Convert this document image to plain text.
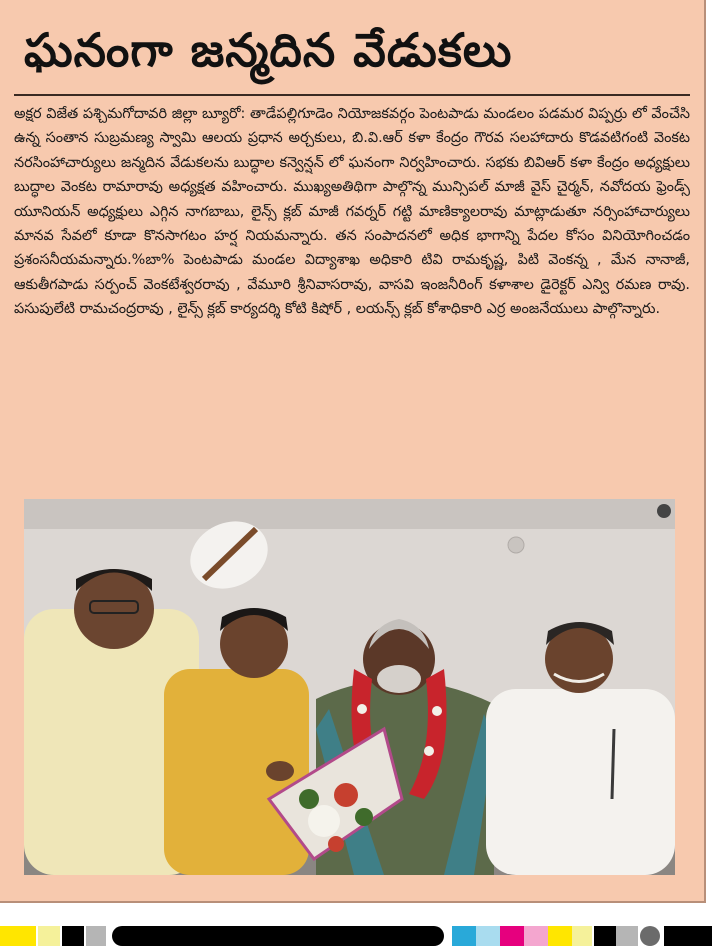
ఘనంగా జన్మదిన వేడుకలు
అక్షర విజేత పశ్చిమగోదావరి జిల్లా బ్యూరో: తాడేపల్లిగూడెం నియోజకవర్గం పెంటపాడు మండలం పడమర విప్పర్రు లో వేంచేసి ఉన్న సంతాన సుబ్రమణ్య స్వామి ఆలయ ప్రధాన అర్చకులు, బి.వి.ఆర్ కళా కేంద్రం గౌరవ సలహాదారు కొడవటిగంటి వెంకట నరసింహాచార్యులు జన్మదిన వేడుకలను బుద్ధాల కన్వెన్షన్ లో ఘనంగా నిర్వహించారు. సభకు బివిఆర్ కళా కేంద్రం అధ్యక్షులు బుద్ధాల వెంకట రామారావు అధ్యక్షత వహించారు. ముఖ్యఅతిథిగా పాల్గొన్న మున్సిపల్ మాజీ వైస్ చైర్మన్, నవోదయ ఫ్రెండ్స్ యూనియన్ అధ్యక్షులు ఎగ్గిన నాగబాబు, లైన్స్ క్లబ్ మాజీ గవర్నర్ గట్టి మాణిక్యాలరావు మాట్లాడుతూ నర్సింహాచార్యులు మానవ సేవలో కూడా కొనసాగటం హర్ష నియమన్నారు. తన సంపాదనలో అధిక భాగాన్ని పేదల కోసం వినియోగించడం ప్రశంసనీయమన్నారు.%బా% పెంటపాడు మండల విద్యాశాఖ అధికారి టివి రామకృష్ణ, పిటి వెంకన్న , మేన నానాజీ, ఆకుతీగపాడు సర్పంచ్ వెంకటేశ్వరరావు , వేమూరి శ్రీనివాసరావు, వాసవి ఇంజనీరింగ్ కళాశాల డైరెక్టర్ ఎన్వి రమణ రావు. పసుపులేటి రామచంద్రరావు , లైన్స్ క్లబ్ కార్యదర్శి కోటి కిషోర్ , లయన్స్ క్లబ్ కోశాధికారి ఎర్ర అంజనేయులు పాల్గొన్నారు.
